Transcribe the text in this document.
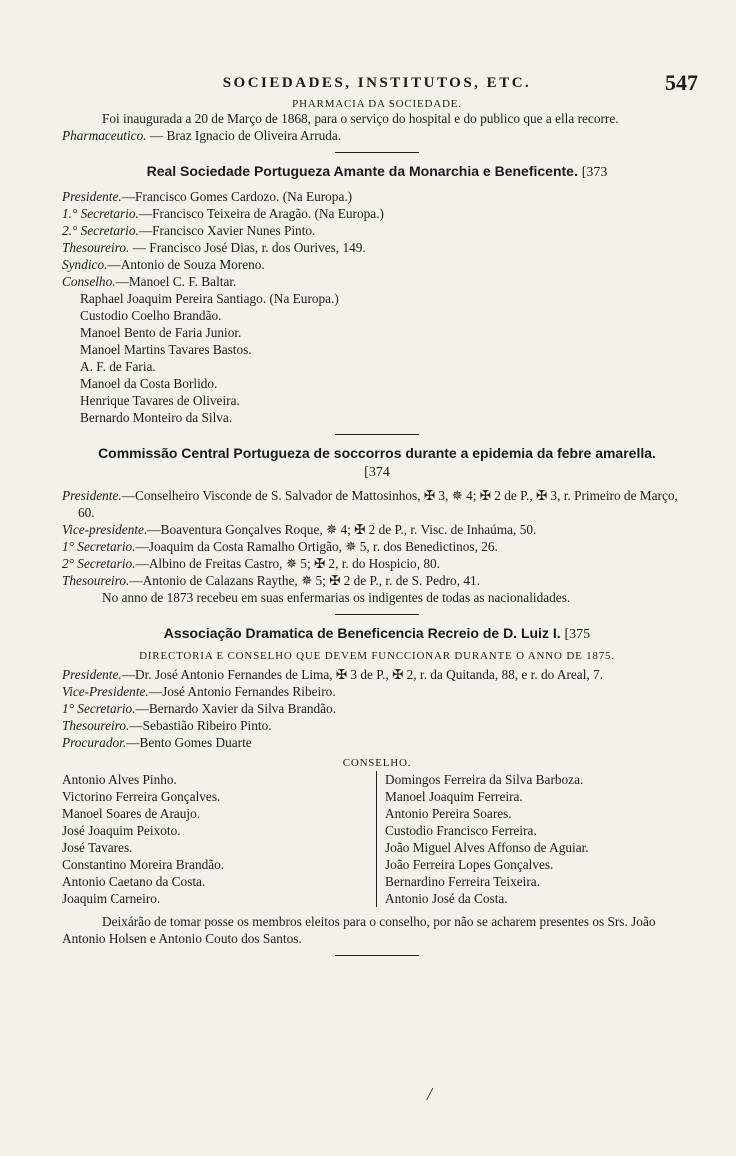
SOCIEDADES, INSTITUTOS, ETC.	547

PHARMACIA DA SOCIEDADE.

Foi inaugurada a 20 de Março de 1868, para o serviço do hospital e do publico que a ella recorre.

Pharmaceutico. — Braz Ignacio de Oliveira Arruda.

Real Sociedade Portugueza Amante da Monarchia e Beneficente. [373

Presidente.—Francisco Gomes Cardozo. (Na Europa.)

1.° Secretario.—Francisco Teixeira de Aragão. (Na Europa.)

2.° Secretario.—Francisco Xavier Nunes Pinto.

Thesoureiro. — Francisco José Dias, r. dos Ourives, 149.

Syndico.—Antonio de Souza Moreno.

Conselho.—Manoel C. F. Baltar.

Raphael Joaquim Pereira Santiago. (Na Europa.)

Custodio Coelho Brandão.

Manoel Bento de Faria Junior.

Manoel Martins Tavares Bastos.

A. F. de Faria.

Manoel da Costa Borlido.

Henrique Tavares de Oliveira.

Bernardo Monteiro da Silva.

Commissão Central Portugueza de soccorros durante a epidemia da febre amarella. [374

Presidente.—Conselheiro Visconde de S. Salvador de Mattosinhos, ✠ 3, ✵ 4; ✠ 2 de P., ✠ 3, r. Primeiro de Março, 60.

Vice-presidente.—Boaventura Gonçalves Roque, ✵ 4; ✠ 2 de P., r. Visc. de Inhaúma, 50.

1° Secretario.—Joaquim da Costa Ramalho Ortigão, ✵ 5, r. dos Benedictinos, 26.

2° Secretario.—Albino de Freitas Castro, ✵ 5; ✠ 2, r. do Hospicio, 80.

Thesoureiro.—Antonio de Calazans Raythe, ✵ 5; ✠ 2 de P., r. de S. Pedro, 41.

No anno de 1873 recebeu em suas enfermarias os indigentes de todas as nacionalidades.

Associação Dramatica de Beneficencia Recreio de D. Luiz I. [375

DIRECTORIA E CONSELHO QUE DEVEM FUNCCIONAR DURANTE O ANNO DE 1875.

Presidente.—Dr. José Antonio Fernandes de Lima, ✠ 3 de P., ✠ 2, r. da Quitanda, 88, e r. do Areal, 7.

Vice-Presidente.—José Antonio Fernandes Ribeiro.

1° Secretario.—Bernardo Xavier da Silva Brandão.

Thesoureiro.—Sebastião Ribeiro Pinto.

Procurador.—Bento Gomes Duarte

CONSELHO.

Antonio Alves Pinho.

Victorino Ferreira Gonçalves.

Manoel Soares de Araujo.

José Joaquim Peixoto.

José Tavares.

Constantino Moreira Brandão.

Antonio Caetano da Costa.

Joaquim Carneiro.

Domingos Ferreira da Silva Barboza.

Manoel Joaquim Ferreira.

Antonio Pereira Soares.

Custodio Francisco Ferreira.

João Miguel Alves Affonso de Aguiar.

João Ferreira Lopes Gonçalves.

Bernardino Ferreira Teixeira.

Antonio José da Costa.

Deixárão de tomar posse os membros eleitos para o conselho, por não se acharem presentes os Srs. João Antonio Holsen e Antonio Couto dos Santos.

/
